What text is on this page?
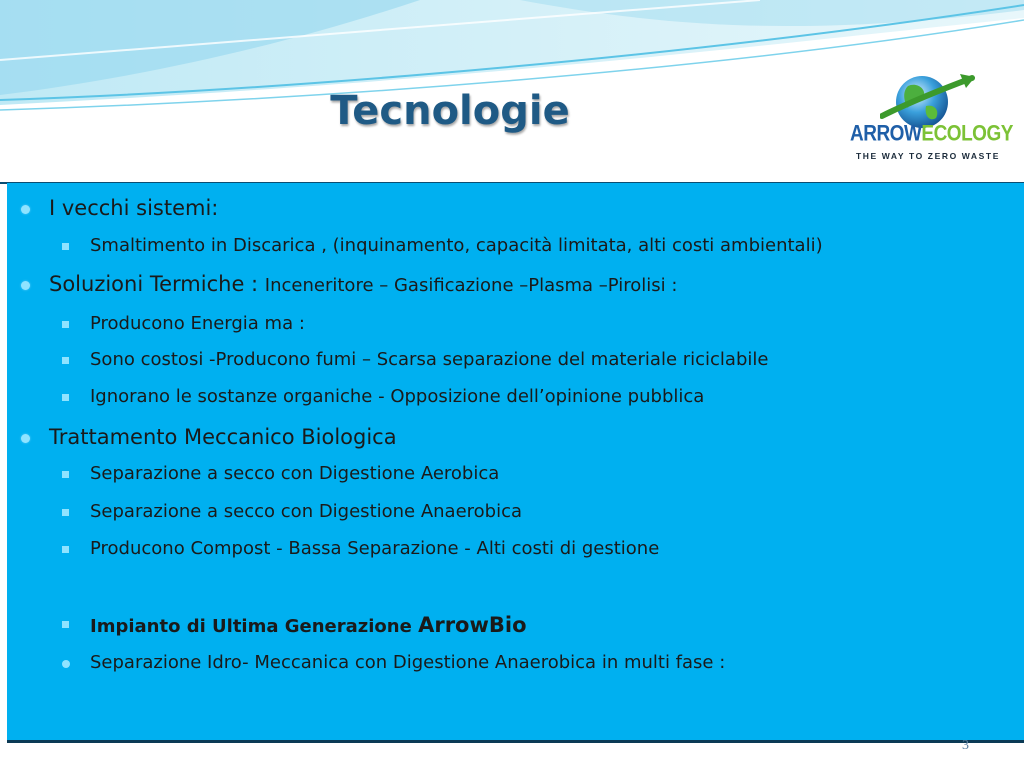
Tecnologie
ARROWECOLOGY
THE WAY TO ZERO WASTE
I vecchi sistemi:
Smaltimento in Discarica , (inquinamento, capacità limitata, alti costi ambientali)
Soluzioni Termiche : Inceneritore – Gasificazione –Plasma –Pirolisi :
Producono Energia ma :
Sono costosi -Producono fumi – Scarsa separazione del materiale riciclabile
Ignorano le sostanze organiche - Opposizione dell’opinione pubblica
Trattamento Meccanico Biologica
Separazione a secco con Digestione Aerobica
Separazione a secco con Digestione Anaerobica
Producono Compost - Bassa Separazione - Alti costi di gestione
Impianto di Ultima Generazione ArrowBio
Separazione Idro- Meccanica con Digestione Anaerobica in multi fase :
3
